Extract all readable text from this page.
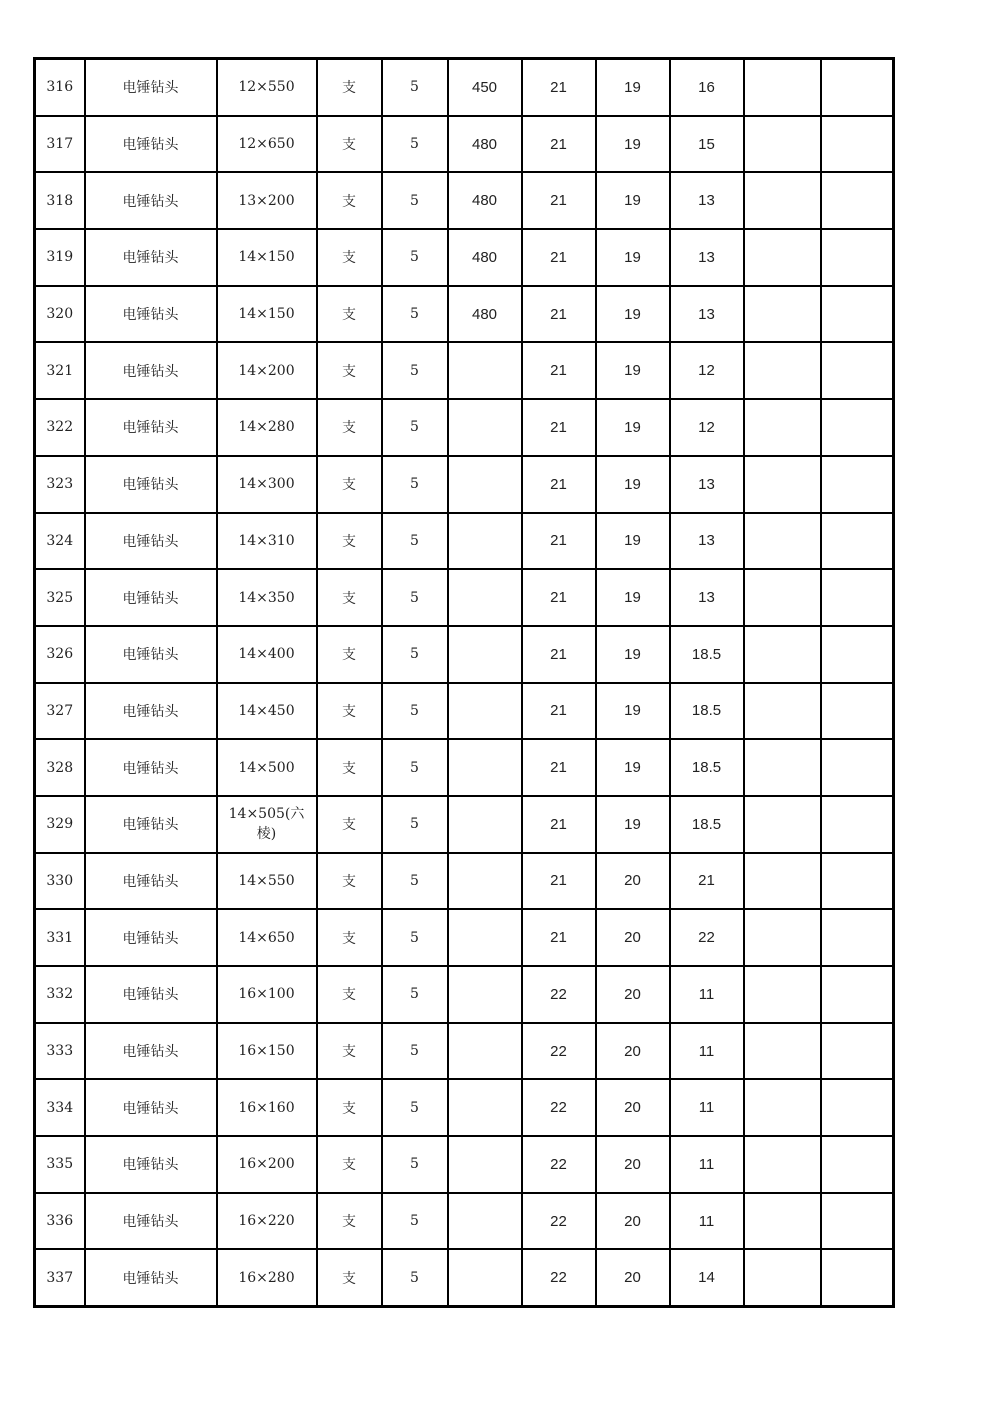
316	电锤钻头	12×550	支	5	450	21	19	16		
317	电锤钻头	12×650	支	5	480	21	19	15		
318	电锤钻头	13×200	支	5	480	21	19	13		
319	电锤钻头	14×150	支	5	480	21	19	13		
320	电锤钻头	14×150	支	5	480	21	19	13		
321	电锤钻头	14×200	支	5		21	19	12		
322	电锤钻头	14×280	支	5		21	19	12		
323	电锤钻头	14×300	支	5		21	19	13		
324	电锤钻头	14×310	支	5		21	19	13		
325	电锤钻头	14×350	支	5		21	19	13		
326	电锤钻头	14×400	支	5		21	19	18.5		
327	电锤钻头	14×450	支	5		21	19	18.5		
328	电锤钻头	14×500	支	5		21	19	18.5		
329	电锤钻头	14×505(六棱)	支	5		21	19	18.5		
330	电锤钻头	14×550	支	5		21	20	21		
331	电锤钻头	14×650	支	5		21	20	22		
332	电锤钻头	16×100	支	5		22	20	11		
333	电锤钻头	16×150	支	5		22	20	11		
334	电锤钻头	16×160	支	5		22	20	11		
335	电锤钻头	16×200	支	5		22	20	11		
336	电锤钻头	16×220	支	5		22	20	11		
337	电锤钻头	16×280	支	5		22	20	14		
